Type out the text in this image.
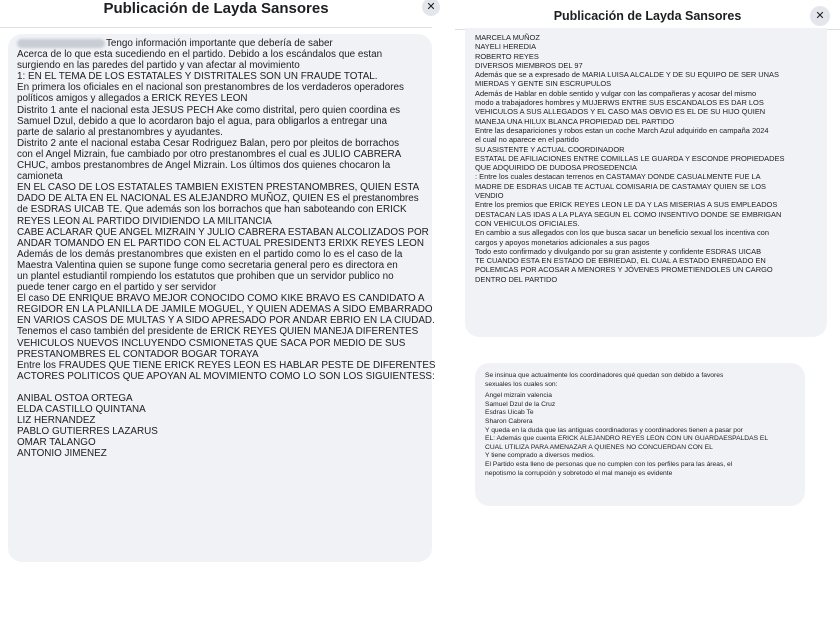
Publicación de Layda Sansores	✕
Tengo información importante que debería de saber
Acerca de lo que esta sucediendo en el partido. Debido a los escándalos que estan
surgiendo en las paredes del partido y van afectar al movimiento
1: EN EL TEMA DE LOS ESTATALES Y DISTRITALES SON UN FRAUDE TOTAL.
En primera los oficiales en el nacional son prestanombres de los verdaderos operadores
políticos amigos y allegados a ERICK REYES LEON
Distrito 1 ante el nacional esta JESUS PECH Ake como distrital, pero quien coordina es
Samuel Dzul, debido a que lo acordaron bajo el agua, para obligarlos a entregar una
parte de salario al prestanombres y ayudantes.
Distrito 2 ante el nacional estaba Cesar Rodriguez Balan, pero por pleitos de borrachos
con el Angel Mizrain, fue cambiado por otro prestanombres el cual es JULIO CABRERA
CHUC, ambos prestanombres de Angel Mizrain. Los últimos dos quienes chocaron la
camioneta
EN EL CASO DE LOS ESTATALES TAMBIEN EXISTEN PRESTANOMBRES, QUIEN ESTA
DADO DE ALTA EN EL NACIONAL ES ALEJANDRO MUÑOZ, QUIEN ES el prestanombres
de ESDRAS UICAB TE. Que además son los borrachos que han saboteando con ERICK
REYES LEON AL PARTIDO DIVIDIENDO LA MILITANCIA
CABE ACLARAR QUE ANGEL MIZRAIN Y JULIO CABRERA ESTABAN ALCOLIZADOS POR
ANDAR TOMANDO EN EL PARTIDO CON EL ACTUAL PRESIDENT3 ERIXK REYES LEON
Además de los demás prestanombres que existen en el partido como lo es el caso de la
Maestra Valentina quien se supone funge como secretaria general pero es directora en
un plantel estudiantil rompiendo los estatutos que prohiben que un servidor publico no
puede tener cargo en el partido y ser servidor
El caso DE ENRIQUE BRAVO MEJOR CONOCIDO COMO KIKE BRAVO ES CANDIDATO A
REGIDOR EN LA PLANILLA DE JAMILE MOGUEL, Y QUIEN ADEMAS A SIDO EMBARRADO
EN VARIOS CASOS DE MULTAS Y A SIDO APRESADO POR ANDAR EBRIO EN LA CIUDAD.
Tenemos el caso también del presidente de ERICK REYES QUIEN MANEJA DIFERENTES
VEHICULOS NUEVOS INCLUYENDO CSMIONETAS QUE SACA POR MEDIO DE SUS
PRESTANOMBRES EL CONTADOR BOGAR TORAYA
Entre los FRAUDES QUE TIENE ERICK REYES LEON ES HABLAR PESTE DE DIFERENTES
ACTORES POLITICOS QUE APOYAN AL MOVIMIENTO COMO LO SON LOS SIGUIENTESS:
ANIBAL OSTOA ORTEGA
ELDA CASTILLO QUINTANA
LIZ HERNANDEZ
PABLO GUTIERRES LAZARUS
OMAR TALANGO
ANTONIO JIMENEZ
Publicación de Layda Sansores	✕
MARCELA MUÑOZ
NAYELI HEREDIA
ROBERTO REYES
DIVERSOS MIEMBROS DEL 97
Además que se a expresado de MARIA LUISA ALCALDE Y DE SU EQUIPO DE SER UNAS
MIERDAS Y GENTE SIN ESCRUPULOS
Además de Hablar en doble sentido y vulgar con las compañeras y acosar del mismo
modo a trabajadores hombres y MUJERWS ENTRE SUS ESCANDALOS ES DAR LOS
VEHICULOS A SUS ALLEGADOS Y EL CASO MAS OBVIO ES EL DE SU HIJO QUIEN
MANEJA UNA HILUX BLANCA PROPIEDAD DEL PARTIDO
Entre las desapariciones y robos estan un coche March Azul adquirido en campaña 2024
el cual no aparece en el partido
SU ASISTENTE Y ACTUAL COORDINADOR
ESTATAL DE AFILIACIONES ENTRE COMILLAS LE GUARDA Y ESCONDE PROPIEDADES
QUE ADQUIRIDO DE DUDOSA PROSEDENCIA
: Entre los cuales destacan terrenos en CASTAMAY DONDE CASUALMENTE FUE LA
MADRE DE ESDRAS UICAB TE ACTUAL COMISARIA DE CASTAMAY QUIEN SE LOS
VENDIO
Entre los premios que ERICK REYES LEON LE DA Y LAS MISERIAS A SUS EMPLEADOS
DESTACAN LAS IDAS A LA PLAYA SEGUN EL COMO INSENTIVO DONDE SE EMBRIGAN
CON VEHICULOS OFICIALES.
En cambio a sus allegados con los que busca sacar un beneficio sexual los incentiva con
cargos y apoyos monetarios adicionales a sus pagos
Todo esto confirmado y divulgando por su gran asistente y confidente ESDRAS UICAB
TE CUANDO ESTA EN ESTADO DE EBRIEDAD, EL CUAL A ESTADO ENREDADO EN
POLEMICAS POR ACOSAR A MENORES Y JÓVENES PROMETIENDOLES UN CARGO
DENTRO DEL PARTIDO
Se insinua que actualmente los coordinadores qué quedan son debido a favores
sexuales los cuales son:
Angel mizrain valencia
Samuel Dzul de la Cruz
Esdras Uicab Te
Sharon Cabrera
Y queda en la duda que las antiguas coordinadoras y coordinadores tienen a pasar por
EL: Además que cuenta ERICK ALEJANDRO REYES LEON CON UN GUARDAESPALDAS EL
CUAL UTILIZA PARA AMENAZAR A QUIENES NO CONCUERDAN CON EL
Y tiene comprado a diversos medios.
El Partido esta lleno de personas que no cumplen con los perfiles para las áreas, el
nepotismo la corrupción y sobretodo el mal manejo es evidente
